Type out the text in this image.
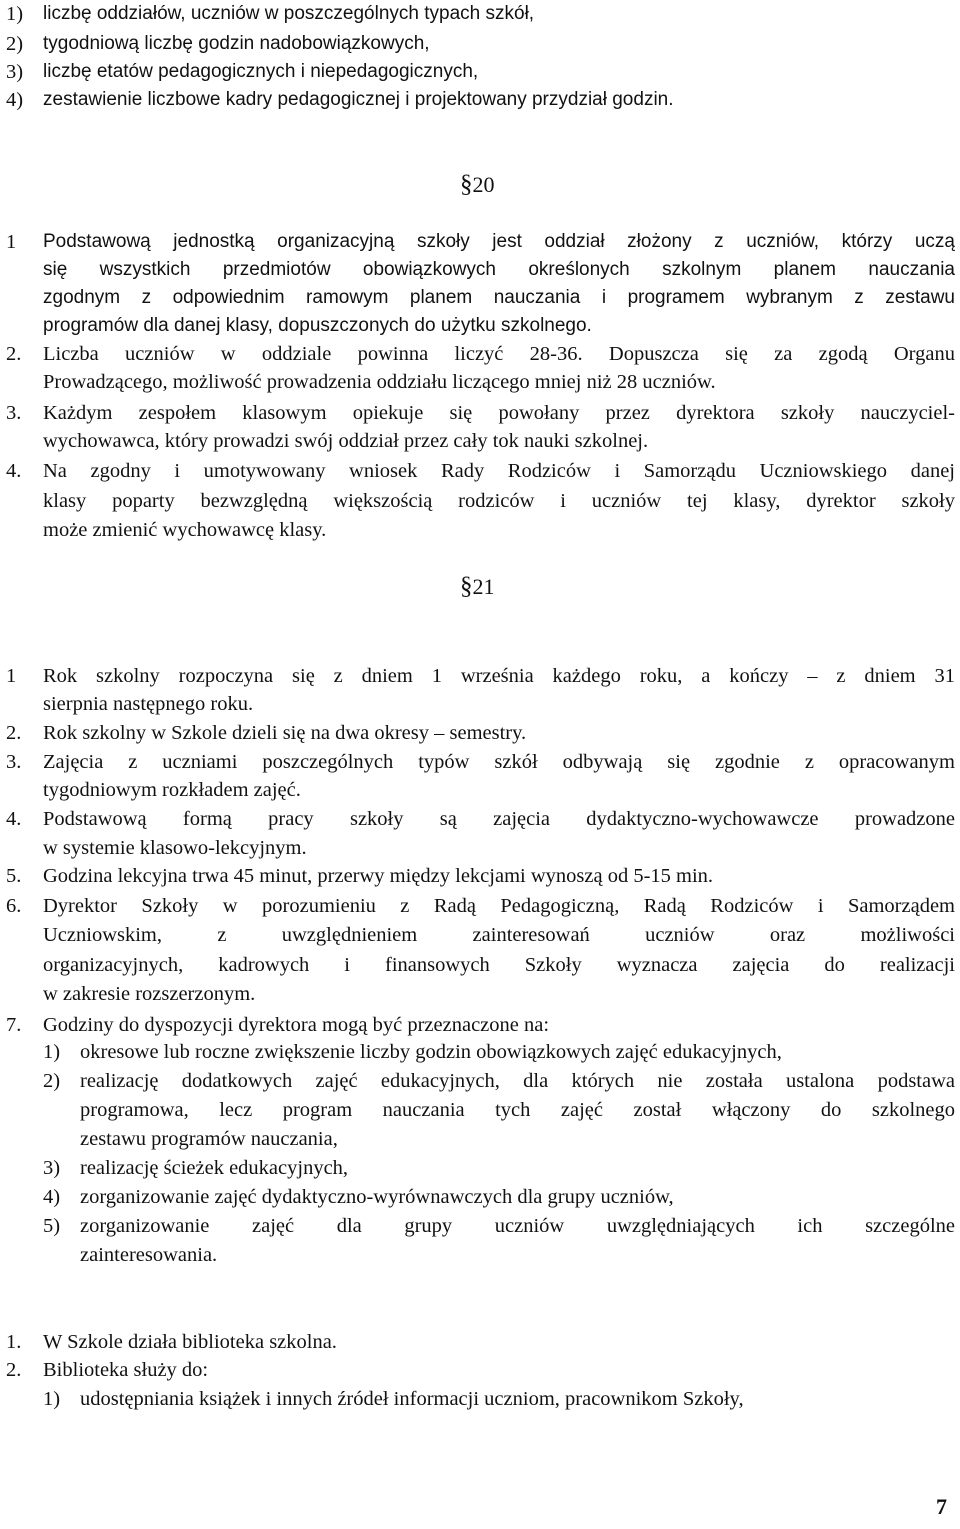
1) liczbę oddziałów, uczniów w poszczególnych typach szkół,
2) tygodniową liczbę godzin nadobowiązkowych,
3) liczbę etatów pedagogicznych i niepedagogicznych,
4) zestawienie liczbowe kadry pedagogicznej i projektowany przydział godzin.
§20
1 Podstawową jednostką organizacyjną szkoły jest oddział złożony z uczniów, którzy uczą
się wszystkich przedmiotów obowiązkowych określonych szkolnym planem nauczania
zgodnym z odpowiednim ramowym planem nauczania i programem wybranym z zestawu
programów dla danej klasy, dopuszczonych do użytku szkolnego.
2. Liczba uczniów w oddziale powinna liczyć 28-36. Dopuszcza się za zgodą Organu
Prowadzącego, możliwość prowadzenia oddziału liczącego mniej niż 28 uczniów.
3. Każdym zespołem klasowym opiekuje się powołany przez dyrektora szkoły nauczyciel-
wychowawca, który prowadzi swój oddział przez cały tok nauki szkolnej.
4. Na zgodny i umotywowany wniosek Rady Rodziców i Samorządu Uczniowskiego danej
klasy poparty bezwzględną większością rodziców i uczniów tej klasy, dyrektor szkoły
może zmienić wychowawcę klasy.
§21
1 Rok szkolny rozpoczyna się z dniem 1 września każdego roku, a kończy – z dniem 31
sierpnia następnego roku.
2. Rok szkolny w Szkole dzieli się na dwa okresy – semestry.
3. Zajęcia z uczniami poszczególnych typów szkół odbywają się zgodnie z opracowanym
tygodniowym rozkładem zajęć.
4. Podstawową formą pracy szkoły są zajęcia dydaktyczno-wychowawcze prowadzone
w systemie klasowo-lekcyjnym.
5. Godzina lekcyjna trwa 45 minut, przerwy między lekcjami wynoszą od 5-15 min.
6. Dyrektor Szkoły w porozumieniu z Radą Pedagogiczną, Radą Rodziców i Samorządem
Uczniowskim, z uwzględnieniem zainteresowań uczniów oraz możliwości
organizacyjnych, kadrowych i finansowych Szkoły wyznacza zajęcia do realizacji
w zakresie rozszerzonym.
7. Godziny do dyspozycji dyrektora mogą być przeznaczone na:
1) okresowe lub roczne zwiększenie liczby godzin obowiązkowych zajęć edukacyjnych,
2) realizację dodatkowych zajęć edukacyjnych, dla których nie została ustalona podstawa
programowa, lecz program nauczania tych zajęć został włączony do szkolnego
zestawu programów nauczania,
3) realizację ścieżek edukacyjnych,
4) zorganizowanie zajęć dydaktyczno-wyrównawczych dla grupy uczniów,
5) zorganizowanie zajęć dla grupy uczniów uwzględniających ich szczególne
zainteresowania.
1. W Szkole działa biblioteka szkolna.
2. Biblioteka służy do:
1) udostępniania książek i innych źródeł informacji uczniom, pracownikom Szkoły,
7
